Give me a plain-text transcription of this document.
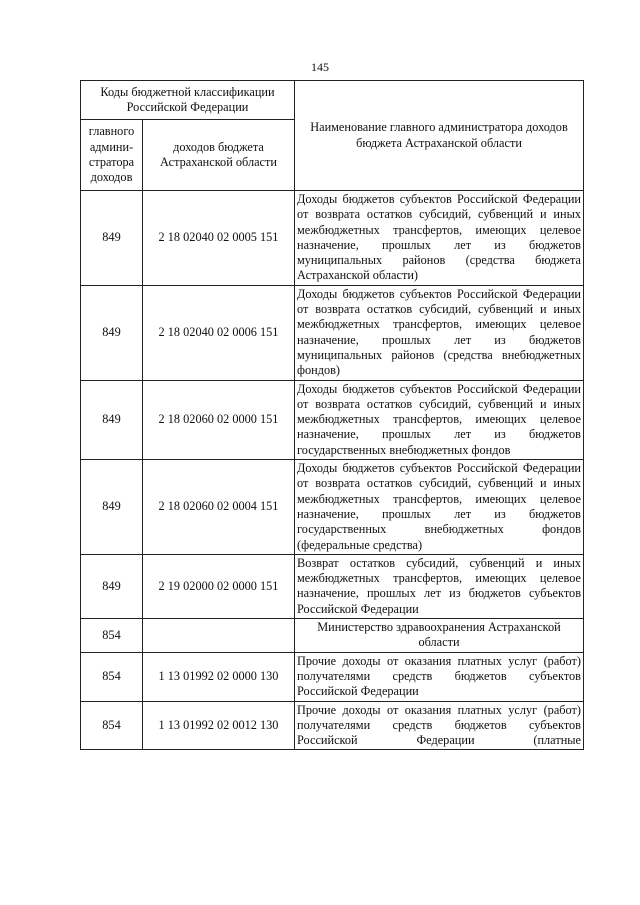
145
Коды бюджетной классификации Российской Федерации		Наименование главного администратора доходов бюджета Астраханской области
главного админи-стратора доходов	доходов бюджета Астраханской области	
849	2 18 02040 02 0005 151	Доходы бюджетов субъектов Российской Федерации от возврата остатков субсидий, субвенций и иных межбюджетных трансфертов, имеющих целевое назначение, прошлых лет из бюджетов муниципальных районов (средства бюджета Астраханской области)
849	2 18 02040 02 0006 151	Доходы бюджетов субъектов Российской Федерации от возврата остатков субсидий, субвенций и иных межбюджетных трансфертов, имеющих целевое назначение, прошлых лет из бюджетов муниципальных районов (средства внебюджетных фондов)
849	2 18 02060 02 0000 151	Доходы бюджетов субъектов Российской Федерации от возврата остатков субсидий, субвенций и иных межбюджетных трансфертов, имеющих целевое назначение, прошлых лет из бюджетов государственных внебюджетных фондов
849	2 18 02060 02 0004 151	Доходы бюджетов субъектов Российской Федерации от возврата остатков субсидий, субвенций и иных межбюджетных трансфертов, имеющих целевое назначение, прошлых лет из бюджетов государственных внебюджетных фондов (федеральные средства)
849	2 19 02000 02 0000 151	Возврат остатков субсидий, субвенций и иных межбюджетных трансфертов, имеющих целевое назначение, прошлых лет из бюджетов субъектов Российской Федерации
854		Министерство здравоохранения Астраханской области
854	1 13 01992 02 0000 130	Прочие доходы от оказания платных услуг (работ) получателями средств бюджетов субъектов Российской Федерации
854	1 13 01992 02 0012 130	Прочие доходы от оказания платных услуг (работ) получателями средств бюджетов субъектов Российской Федерации (платные
